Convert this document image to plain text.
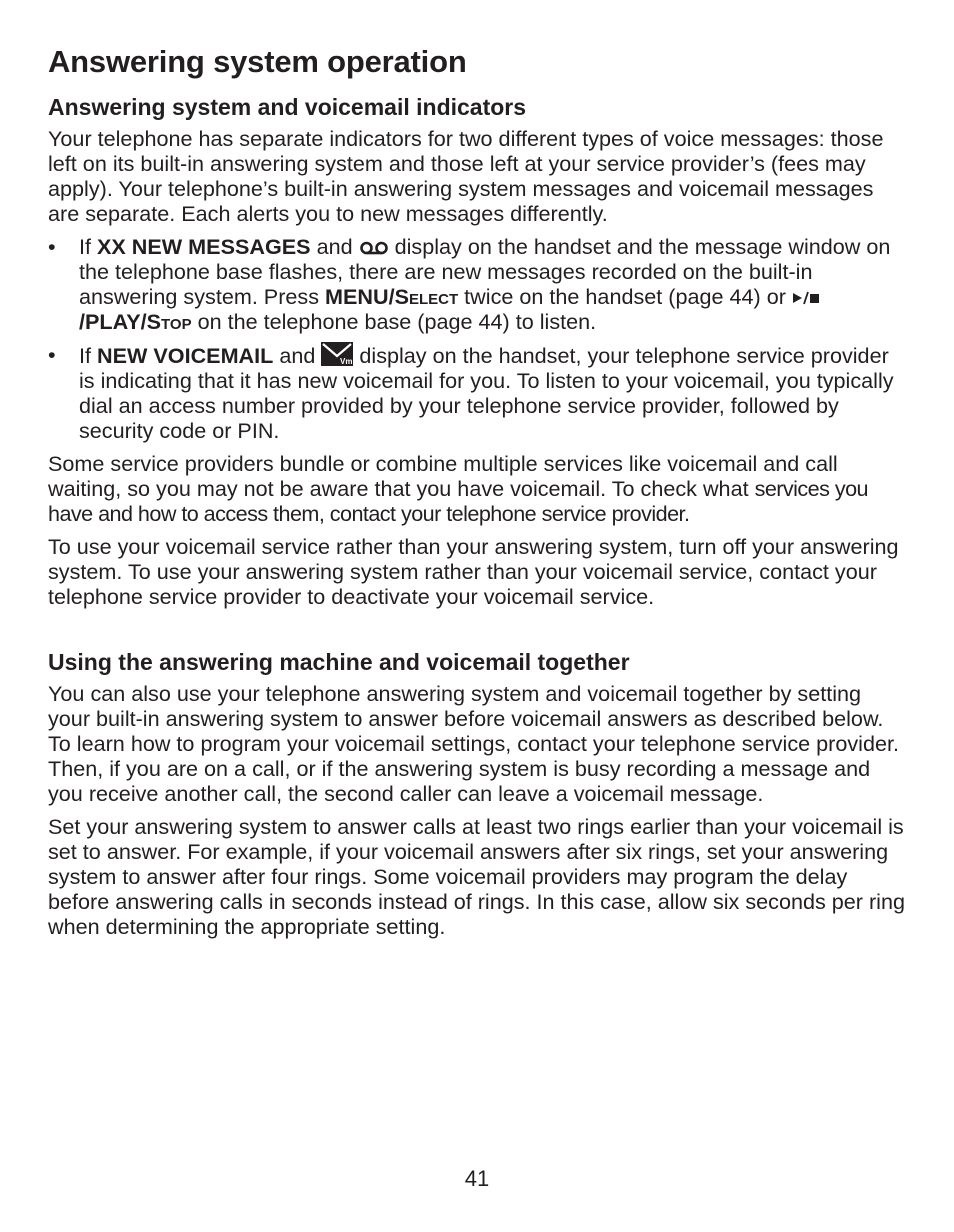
Answering system operation
Answering system and voicemail indicators

Your telephone has separate indicators for two different types of voice messages: those left on its built-in answering system and those left at your service provider’s (fees may apply). Your telephone’s built-in answering system messages and voicemail messages are separate. Each alerts you to new messages differently.

• If XX NEW MESSAGES and  display on the handset and the message window on the telephone base flashes, there are new messages recorded on the built-in answering system. Press MENU/Select twice on the handset (page 44) or /PLAY/Stop on the telephone base (page 44) to listen.
• If NEW VOICEMAIL and Vm display on the handset, your telephone service provider is indicating that it has new voicemail for you. To listen to your voicemail, you typically dial an access number provided by your telephone service provider, followed by security code or PIN.

Some service providers bundle or combine multiple services like voicemail and call waiting, so you may not be aware that you have voicemail. To check what services you have and how to access them, contact your telephone service provider.

To use your voicemail service rather than your answering system, turn off your answering system. To use your answering system rather than your voicemail service, contact your telephone service provider to deactivate your voicemail service.

Using the answering machine and voicemail together

You can also use your telephone answering system and voicemail together by setting your built-in answering system to answer before voicemail answers as described below. To learn how to program your voicemail settings, contact your telephone service provider. Then, if you are on a call, or if the answering system is busy recording a message and you receive another call, the second caller can leave a voicemail message.

Set your answering system to answer calls at least two rings earlier than your voicemail is set to answer. For example, if your voicemail answers after six rings, set your answering system to answer after four rings. Some voicemail providers may program the delay before answering calls in seconds instead of rings. In this case, allow six seconds per ring when determining the appropriate setting.

41
